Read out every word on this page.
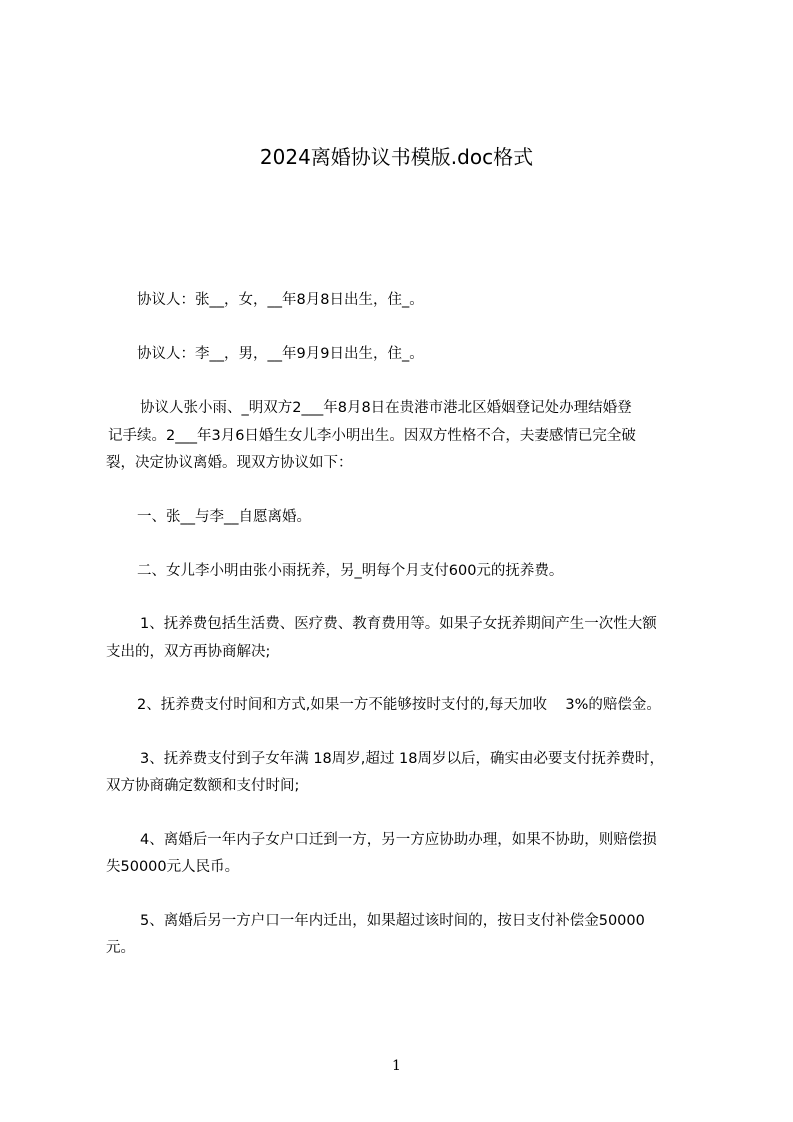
2024离婚协议书模版.doc格式
协议人：张__，女，__年8月8日出生，住_。
协议人：李__，男，__年9月9日出生，住_。
协议人张小雨、_明双方2___年8月8日在贵港市港北区婚姻登记处办理结婚登
记手续。2___年3月6日婚生女儿李小明出生。因双方性格不合，夫妻感情已完全破
裂，决定协议离婚。现双方协议如下：
一、张__与李__自愿离婚。
二、女儿李小明由张小雨抚养，另_明每个月支付600元的抚养费。
1、抚养费包括生活费、医疗费、教育费用等。如果子女抚养期间产生一次性大额
支出的，双方再协商解决;
2、抚养费支付时间和方式,如果一方不能够按时支付的,每天加收    3%的赔偿金。
3、抚养费支付到子女年满 18周岁,超过 18周岁以后，确实由必要支付抚养费时，
双方协商确定数额和支付时间;
4、离婚后一年内子女户口迁到一方，另一方应协助办理，如果不协助，则赔偿损
失50000元人民币。
5、离婚后另一方户口一年内迁出，如果超过该时间的，按日支付补偿金50000
元。
1
